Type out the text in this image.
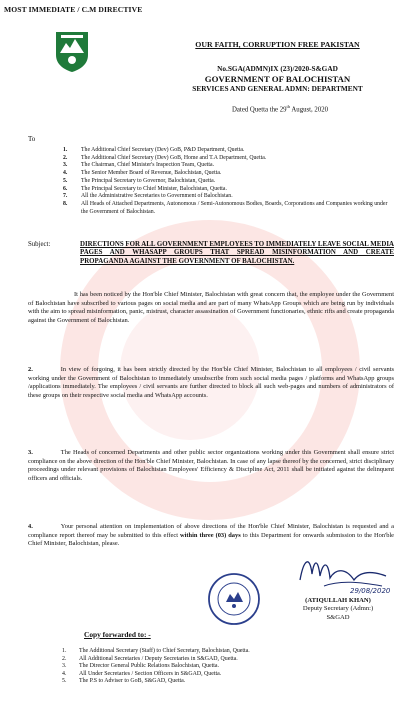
MOST IMMEDIATE / C.M DIRECTIVE
OUR FAITH, CORRUPTION FREE PAKISTAN
No.SGA(ADMN)IX (23)/2020-S&GAD
GOVERNMENT OF BALOCHISTAN
SERVICES AND GENERAL ADMN: DEPARTMENT
Dated Quetta the 29th August, 2020
To
1. The Additional Chief Secretary (Dev) GoB, P&D Department, Quetta.
2. The Additional Chief Secretary (Dev) GoB, Home and T.A Department, Quetta.
3. The Chairman, Chief Minister's Inspection Team, Quetta.
4. The Senior Member Board of Revenue, Balochistan, Quetta.
5. The Principal Secretary to Governor, Balochistan, Quetta.
6. The Principal Secretary to Chief Minister, Balochistan, Quetta.
7. All the Administrative Secretaries to Government of Balochistan.
8. All Heads of Attached Departments, Autonomous / Semi-Autonomous Bodies, Boards, Corporations and Companies working under the Government of Balochistan.
Subject:	DIRECTIONS FOR ALL GOVERNMENT EMPLOYEES TO IMMEDIATELY LEAVE SOCIAL MEDIA PAGES AND WHASAPP GROUPS THAT SPREAD MISINFORMATION AND CREATE PROPAGANDA AGAINST THE GOVERNMENT OF BALOCHISTAN.
It has been noticed by the Hon'ble Chief Minister, Balochistan with great concern that, the employee under the Government of Balochistan have subscribed to various pages on social media and are part of many WhatsApp Groups which are being run by individuals with the aim to spread misinformation, panic, mistrust, character assassination of Government functionaries, ethnic rifts and create propaganda against the Government of Balochistan.
2.	In view of forgoing, it has been strictly directed by the Hon'ble Chief Minister, Balochistan to all employees / civil servants working under the Government of Balochistan to immediately unsubscribe from such social media pages / platforms and WhatsApp groups /applications immediately. The employees / civil servants are further directed to block all such web-pages and numbers of administrators of these groups on their respective social media and WhatsApp accounts.
3.	The Heads of concerned Departments and other public sector organizations working under this Government shall ensure strict compliance on the above direction of the Hon'ble Chief Minister, Balochistan. In case of any lapse thereof by the concerned, strict disciplinary proceedings under relevant provisions of Balochistan Employees' Efficiency & Discipline Act, 2011 shall be initiated against the delinquent officers and officials.
4.	Your personal attention on implementation of above directions of the Hon'ble Chief Minister, Balochistan is requested and a compliance report thereof may be submitted to this effect within three (03) days to this Department for onwards submission to the Hon'ble Chief Minister, Balochistan, please.
29/08/2020
(ATIQULLAH KHAN)
Deputy Secretary (Admn:)
S&GAD
Copy forwarded to: -
1. The Additional Secretary (Staff) to Chief Secretary, Balochistan, Quetta.
2. All Additional Secretaries / Deputy Secretaries in S&GAD, Quetta.
3. The Director General Public Relations Balochistan, Quetta.
4. All Under Secretaries / Section Officers in S&GAD, Quetta.
5. The P.S to Adviser to GoB, S&GAD, Quetta.
